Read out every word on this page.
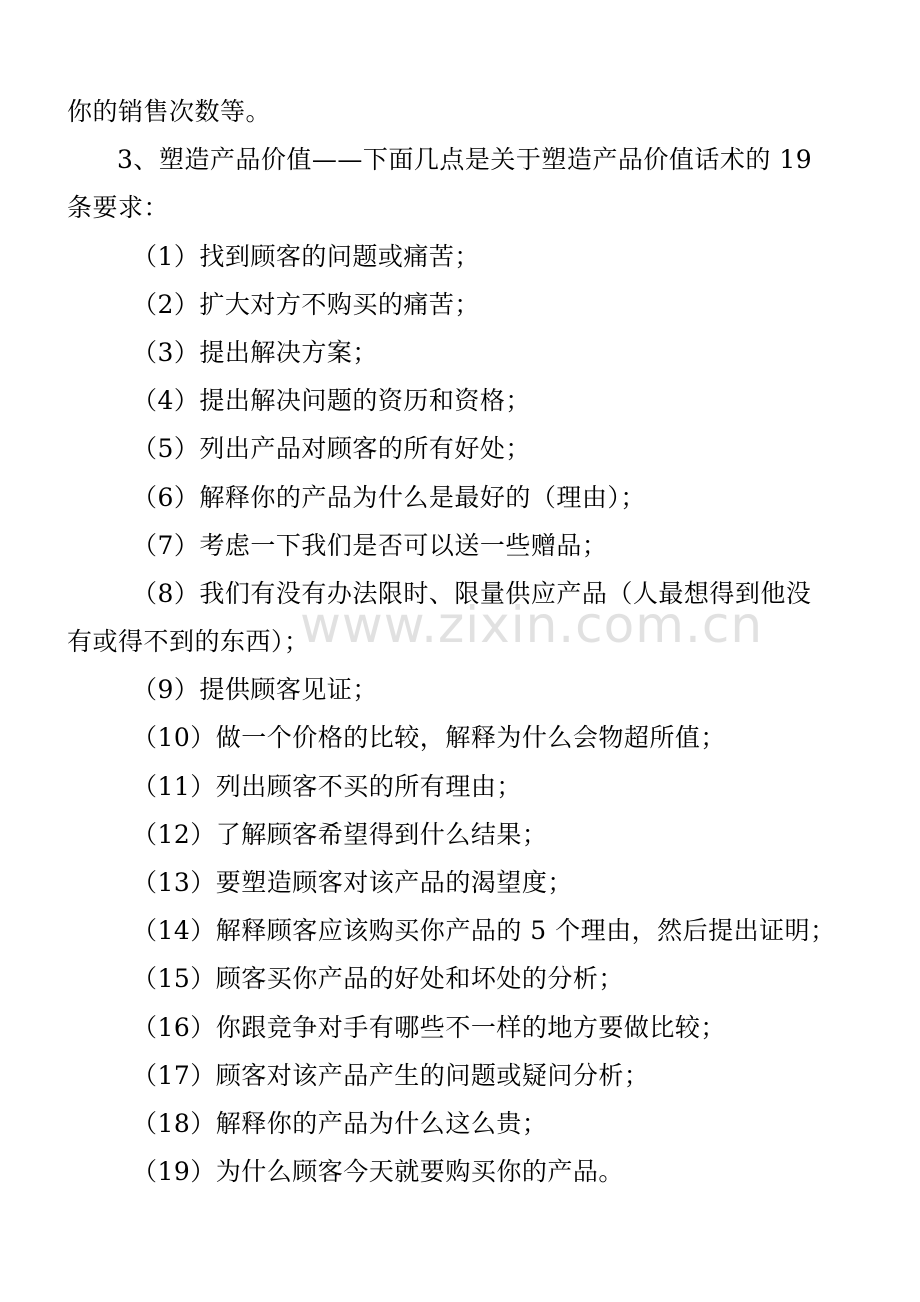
你的销售次数等。
3、塑造产品价值——下面几点是关于塑造产品价值话术的 19
条要求：
（1）找到顾客的问题或痛苦；
（2）扩大对方不购买的痛苦；
（3）提出解决方案；
（4）提出解决问题的资历和资格；
（5）列出产品对顾客的所有好处；
（6）解释你的产品为什么是最好的（理由）；
（7）考虑一下我们是否可以送一些赠品；
（8）我们有没有办法限时、限量供应产品（人最想得到他没
有或得不到的东西）；
（9）提供顾客见证；
（10）做一个价格的比较，解释为什么会物超所值；
（11）列出顾客不买的所有理由；
（12）了解顾客希望得到什么结果；
（13）要塑造顾客对该产品的渴望度；
（14）解释顾客应该购买你产品的 5 个理由，然后提出证明；
（15）顾客买你产品的好处和坏处的分析；
（16）你跟竞争对手有哪些不一样的地方要做比较；
（17）顾客对该产品产生的问题或疑问分析；
（18）解释你的产品为什么这么贵；
（19）为什么顾客今天就要购买你的产品。
www.zixin.com.cn
